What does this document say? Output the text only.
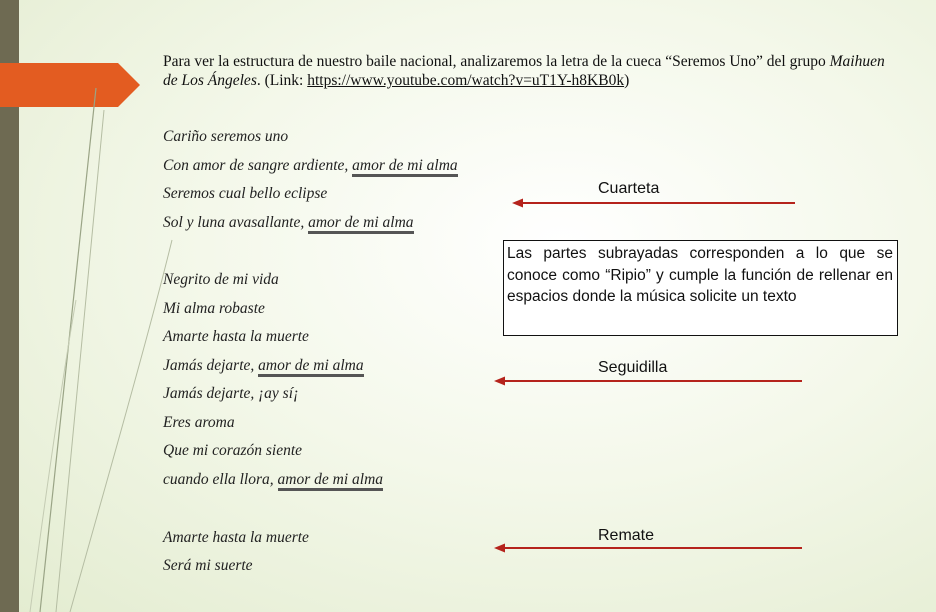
Para ver la estructura de nuestro baile nacional, analizaremos la letra de la cueca “Seremos Uno” del grupo Maihuen de Los Ángeles. (Link: https://www.youtube.com/watch?v=uT1Y-h8KB0k)
Cariño seremos uno
Con amor de sangre ardiente, amor de mi alma
Seremos cual bello eclipse
Sol y luna avasallante, amor de mi alma
Negrito de mi vida
Mi alma robaste
Amarte hasta la muerte
Jamás dejarte, amor de mi alma
Jamás dejarte, ¡ay sí¡
Eres aroma
Que mi corazón siente
cuando ella llora, amor de mi alma
Amarte hasta la muerte
Será mi suerte
Cuarteta
Las partes subrayadas corresponden a lo que se conoce como “Ripio” y cumple la función de rellenar en espacios donde la música solicite un texto
Seguidilla
Remate
